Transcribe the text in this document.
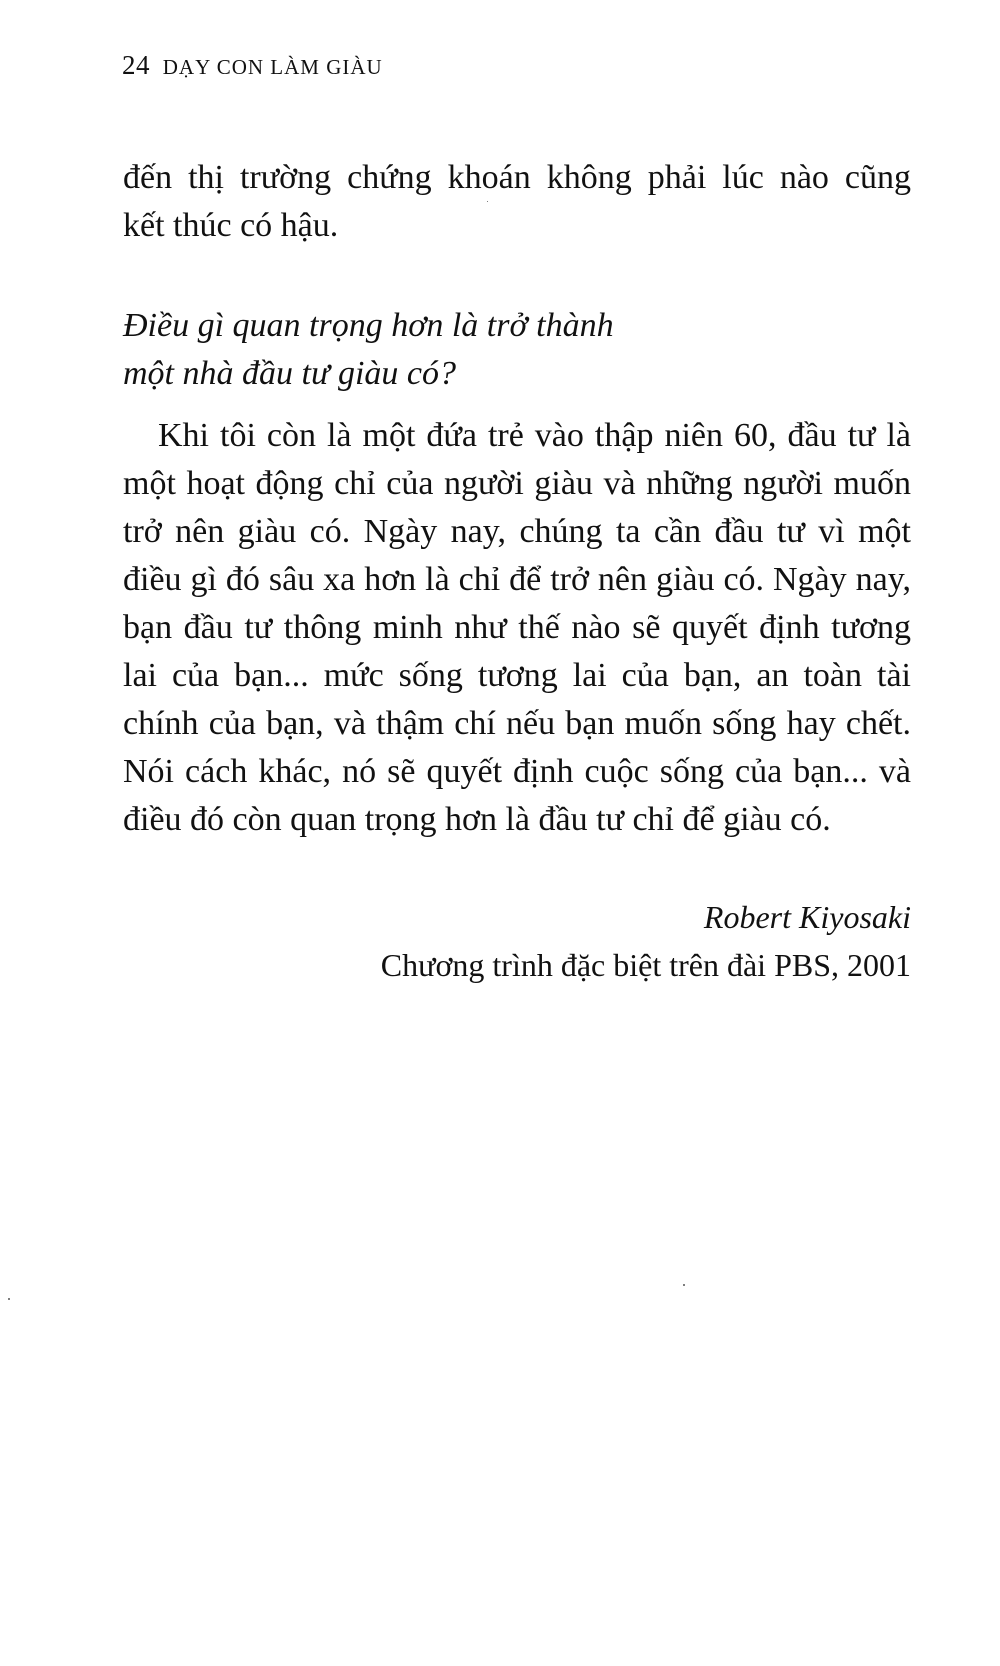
24 DẠY CON LÀM GIÀU
đến thị trường chứng khoán không phải lúc nào cũng
kết thúc có hậu.
Điều gì quan trọng hơn là trở thành
một nhà đầu tư giàu có?
Khi tôi còn là một đứa trẻ vào thập niên 60, đầu tư là
một hoạt động chỉ của người giàu và những người muốn
trở nên giàu có. Ngày nay, chúng ta cần đầu tư vì một
điều gì đó sâu xa hơn là chỉ để trở nên giàu có. Ngày nay,
bạn đầu tư thông minh như thế nào sẽ quyết định tương
lai của bạn... mức sống tương lai của bạn, an toàn tài
chính của bạn, và thậm chí nếu bạn muốn sống hay chết.
Nói cách khác, nó sẽ quyết định cuộc sống của bạn... và
điều đó còn quan trọng hơn là đầu tư chỉ để giàu có.
Robert Kiyosaki
Chương trình đặc biệt trên đài PBS, 2001
